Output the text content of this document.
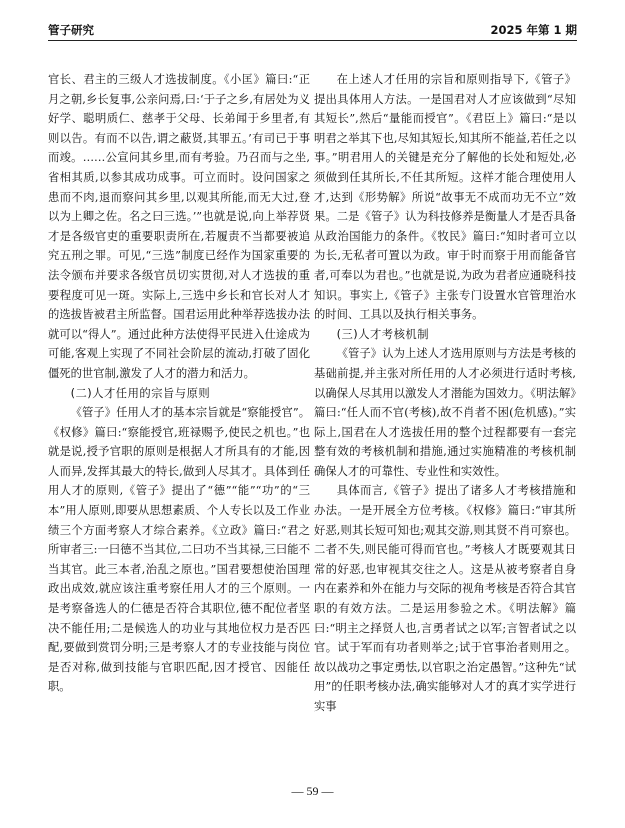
管子研究	2025 年第 1 期

官长、君主的三级人才选拔制度。《小匡》篇曰:“正月之朝,乡长复事,公亲问焉,曰:‘于子之乡,有居处为义好学、聪明质仁、慈孝于父母、长弟闻于乡里者,有则以告。有而不以告,谓之蔽贤,其罪五。’有司已于事而竣。……公宣问其乡里,而有考验。乃召而与之坐,省相其质,以参其成功成事。可立而时。设问国家之患而不肉,退而察问其乡里,以观其所能,而无大过,登以为上卿之佐。名之曰三选。’”也就是说,向上举荐贤才是各级官吏的重要职责所在,若履责不当都要被追究五刑之罪。可见,“三选”制度已经作为国家重要的法令颁布并要求各级官员切实贯彻,对人才选拔的重要程度可见一斑。实际上,三选中乡长和官长对人才的选拔皆被君主所监督。国君运用此种举荐选拔办法就可以“得人”。通过此种方法使得平民进入仕途成为可能,客观上实现了不同社会阶层的流动,打破了固化僵死的世官制,激发了人才的潜力和活力。

(二)人才任用的宗旨与原则

《管子》任用人才的基本宗旨就是“察能授官”。《权修》篇曰:“察能授官,班禄赐予,使民之机也。”也就是说,授予官职的原则是根据人才所具有的才能,因人而异,发挥其最大的特长,做到人尽其才。具体到任用人才的原则,《管子》提出了“德”“能”“功”的“三本”用人原则,即要从思想素质、个人专长以及工作业绩三个方面考察人才综合素养。《立政》篇曰:“君之所审者三:一曰德不当其位,二曰功不当其禄,三曰能不当其官。此三本者,治乱之原也。”国君要想使治国理政出成效,就应该注重考察任用人才的三个原则。一是考察备选人的仁德是否符合其职位,德不配位者坚决不能任用;二是候选人的功业与其地位权力是否匹配,要做到赏罚分明;三是考察人才的专业技能与岗位是否对称,做到技能与官职匹配,因才授官、因能任职。

在上述人才任用的宗旨和原则指导下,《管子》提出具体用人方法。一是国君对人才应该做到“尽知其短长”,然后“量能而授官”。《君臣上》篇曰:“是以明君之举其下也,尽知其短长,知其所不能益,若任之以事。”明君用人的关键是充分了解他的长处和短处,必须做到任其所长,不任其所短。这样才能合理使用人才,达到《形势解》所说“故事无不成而功无不立”效果。二是《管子》认为科技修养是衡量人才是否具备从政治国能力的条件。《牧民》篇曰:“知时者可立以为长,无私者可置以为政。审于时而察于用而能备官者,可奉以为君也。”也就是说,为政为君者应通晓科技知识。事实上,《管子》主张专门设置水官管理治水的时间、工具以及执行相关事务。

(三)人才考核机制

《管子》认为上述人才选用原则与方法是考核的基础前提,并主张对所任用的人才必须进行适时考核,以确保人尽其用以激发人才潜能为国效力。《明法解》篇曰:“任人而不官(考核),故不肖者不困(危机感)。”实际上,国君在人才选拔任用的整个过程都要有一套完整有效的考核机制和措施,通过实施精准的考核机制确保人才的可靠性、专业性和实效性。

具体而言,《管子》提出了诸多人才考核措施和办法。一是开展全方位考核。《权修》篇曰:“审其所好恶,则其长短可知也;观其交游,则其贤不肖可察也。二者不失,则民能可得而官也。”考核人才既要观其日常的好恶,也审视其交往之人。这是从被考察者自身内在素养和外在能力与交际的视角考核是否符合其官职的有效方法。二是运用参验之术。《明法解》篇曰:“明主之择贤人也,言勇者试之以军;言智者试之以官。试于军而有功者则举之;试于官事治者则用之。故以战功之事定勇怯,以官职之治定愚智。”这种先“试用”的任职考核办法,确实能够对人才的真才实学进行实事

— 59 —
